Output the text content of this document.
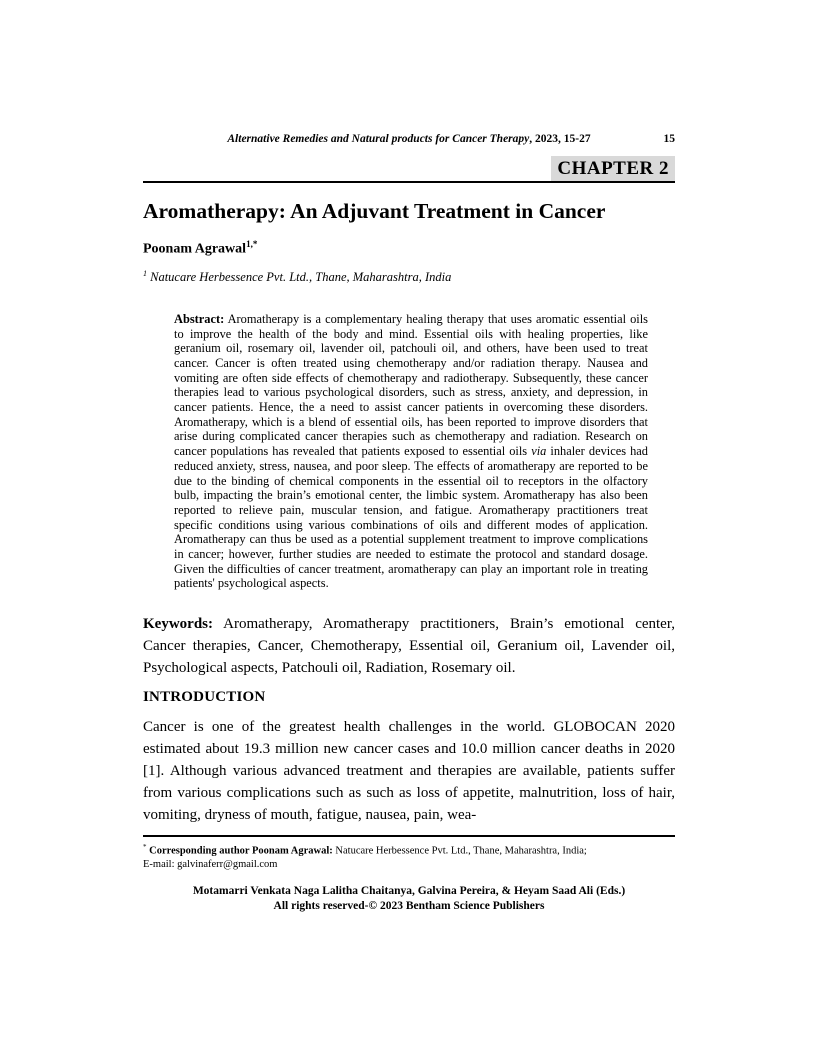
Alternative Remedies and Natural products for Cancer Therapy, 2023, 15-27	15
CHAPTER 2
Aromatherapy: An Adjuvant Treatment in Cancer
Poonam Agrawal$^{1,*}$
$^1$ Natucare Herbessence Pvt. Ltd., Thane, Maharashtra, India

Abstract: Aromatherapy is a complementary healing therapy that uses aromatic essential oils to improve the health of the body and mind. Essential oils with healing properties, like geranium oil, rosemary oil, lavender oil, patchouli oil, and others, have been used to treat cancer. Cancer is often treated using chemotherapy and/or radiation therapy. Nausea and vomiting are often side effects of chemotherapy and radiotherapy. Subsequently, these cancer therapies lead to various psychological disorders, such as stress, anxiety, and depression, in cancer patients. Hence, the a need to assist cancer patients in overcoming these disorders. Aromatherapy, which is a blend of essential oils, has been reported to improve disorders that arise during complicated cancer therapies such as chemotherapy and radiation. Research on cancer populations has revealed that patients exposed to essential oils via inhaler devices had reduced anxiety, stress, nausea, and poor sleep. The effects of aromatherapy are reported to be due to the binding of chemical components in the essential oil to receptors in the olfactory bulb, impacting the brain’s emotional center, the limbic system. Aromatherapy has also been reported to relieve pain, muscular tension, and fatigue. Aromatherapy practitioners treat specific conditions using various combinations of oils and different modes of application. Aromatherapy can thus be used as a potential supplement treatment to improve complications in cancer; however, further studies are needed to estimate the protocol and standard dosage. Given the difficulties of cancer treatment, aromatherapy can play an important role in treating patients' psychological aspects.

Keywords: Aromatherapy, Aromatherapy practitioners, Brain’s emotional center, Cancer therapies, Cancer, Chemotherapy, Essential oil, Geranium oil, Lavender oil, Psychological aspects, Patchouli oil, Radiation, Rosemary oil.

INTRODUCTION

Cancer is one of the greatest health challenges in the world. GLOBOCAN 2020 estimated about 19.3 million new cancer cases and 10.0 million cancer deaths in 2020 [1]. Although various advanced treatment and therapies are available, patients suffer from various complications such as such as loss of appetite, malnutrition, loss of hair, vomiting, dryness of mouth, fatigue, nausea, pain, wea-

* Corresponding author Poonam Agrawal: Natucare Herbessence Pvt. Ltd., Thane, Maharashtra, India;
E-mail: galvinaferr@gmail.com
Motamarri Venkata Naga Lalitha Chaitanya, Galvina Pereira, & Heyam Saad Ali (Eds.)
All rights reserved-© 2023 Bentham Science Publishers
